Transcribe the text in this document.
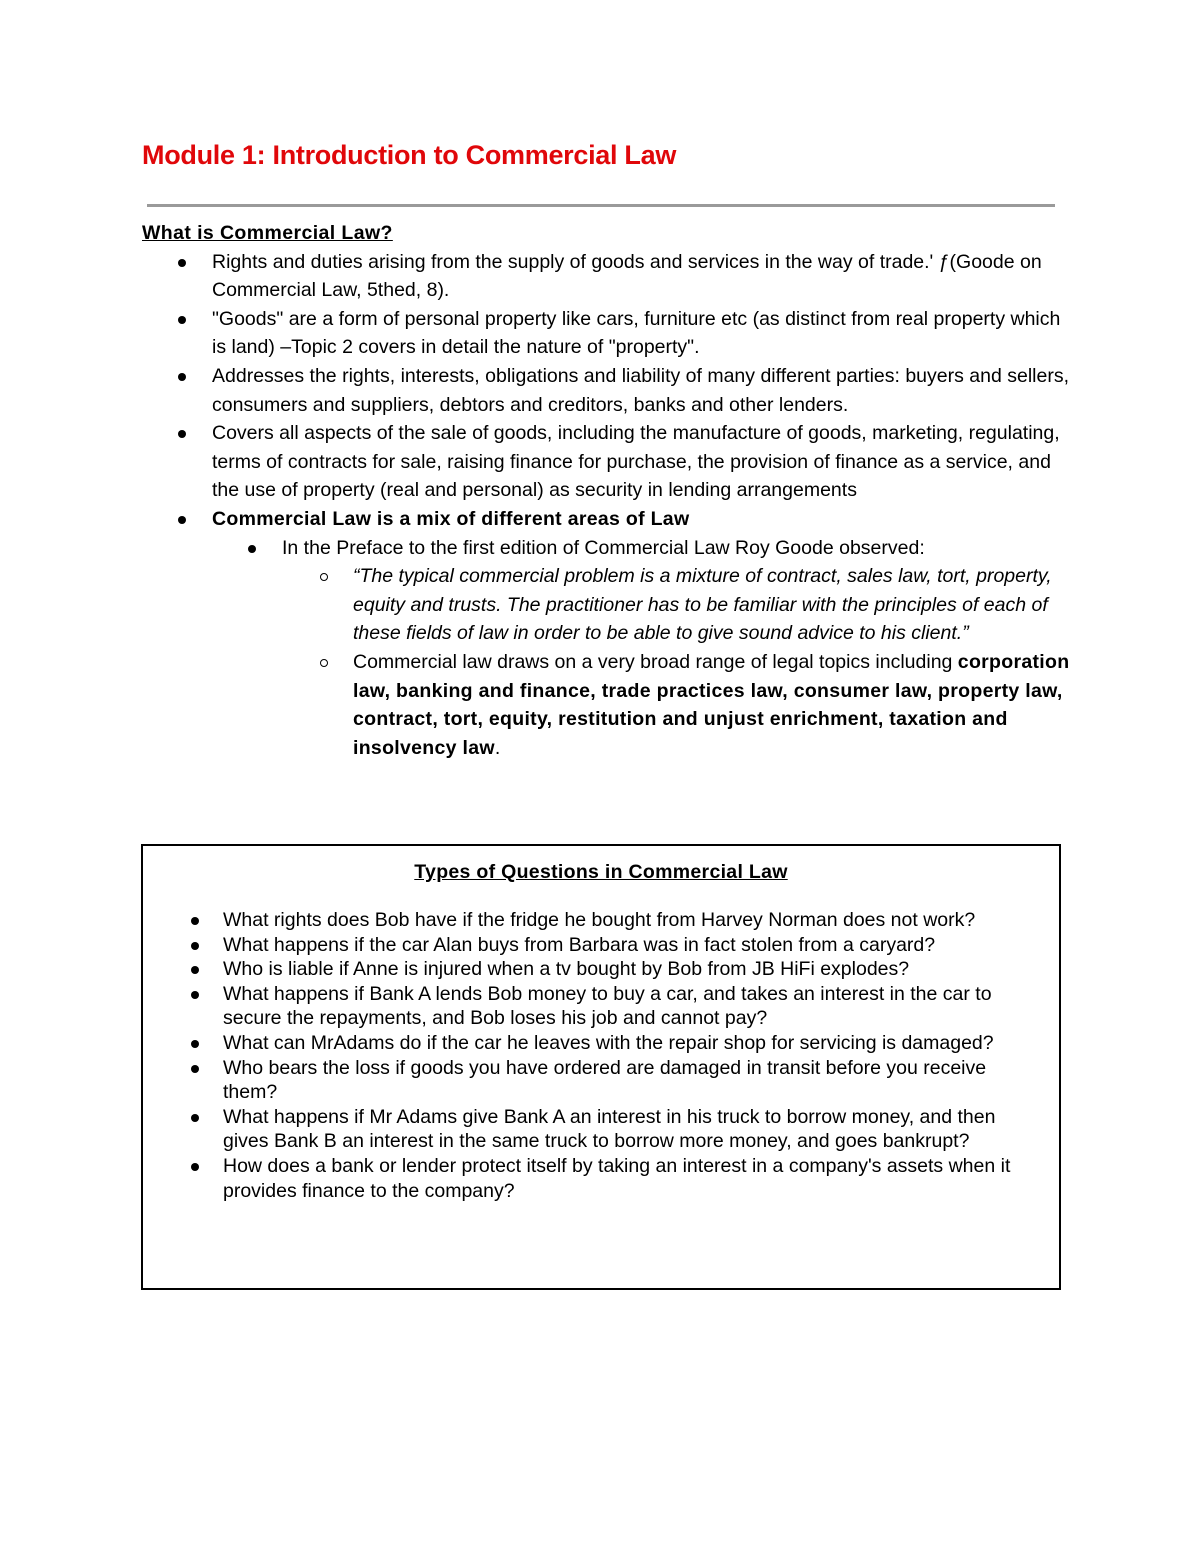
Module 1: Introduction to Commercial Law
What is Commercial Law?
Rights and duties arising from the supply of goods and services in the way of trade.' ƒ(Goode on Commercial Law, 5thed, 8).
"Goods" are a form of personal property like cars, furniture etc (as distinct from real property which is land) –Topic 2 covers in detail the nature of "property".
Addresses the rights, interests, obligations and liability of many different parties: buyers and sellers, consumers and suppliers, debtors and creditors, banks and other lenders.
Covers all aspects of the sale of goods, including the manufacture of goods, marketing, regulating, terms of contracts for sale, raising finance for purchase, the provision of finance as a service, and the use of property (real and personal) as security in lending arrangements
Commercial Law is a mix of different areas of Law
In the Preface to the first edition of Commercial Law Roy Goode observed:
“The typical commercial problem is a mixture of contract, sales law, tort, property, equity and trusts. The practitioner has to be familiar with the principles of each of these fields of law in order to be able to give sound advice to his client.”
Commercial law draws on a very broad range of legal topics including corporation law, banking and finance, trade practices law, consumer law, property law, contract, tort, equity, restitution and unjust enrichment, taxation and insolvency law.
Types of Questions in Commercial Law
What rights does Bob have if the fridge he bought from Harvey Norman does not work?
What happens if the car Alan buys from Barbara was in fact stolen from a caryard?
Who is liable if Anne is injured when a tv bought by Bob from JB HiFi explodes?
What happens if Bank A lends Bob money to buy a car, and takes an interest in the car to secure the repayments, and Bob loses his job and cannot pay?
What can MrAdams do if the car he leaves with the repair shop for servicing is damaged?
Who bears the loss if goods you have ordered are damaged in transit before you receive them?
What happens if Mr Adams give Bank A an interest in his truck to borrow money, and then gives Bank B an interest in the same truck to borrow more money, and goes bankrupt?
How does a bank or lender protect itself by taking an interest in a company's assets when it provides finance to the company?
